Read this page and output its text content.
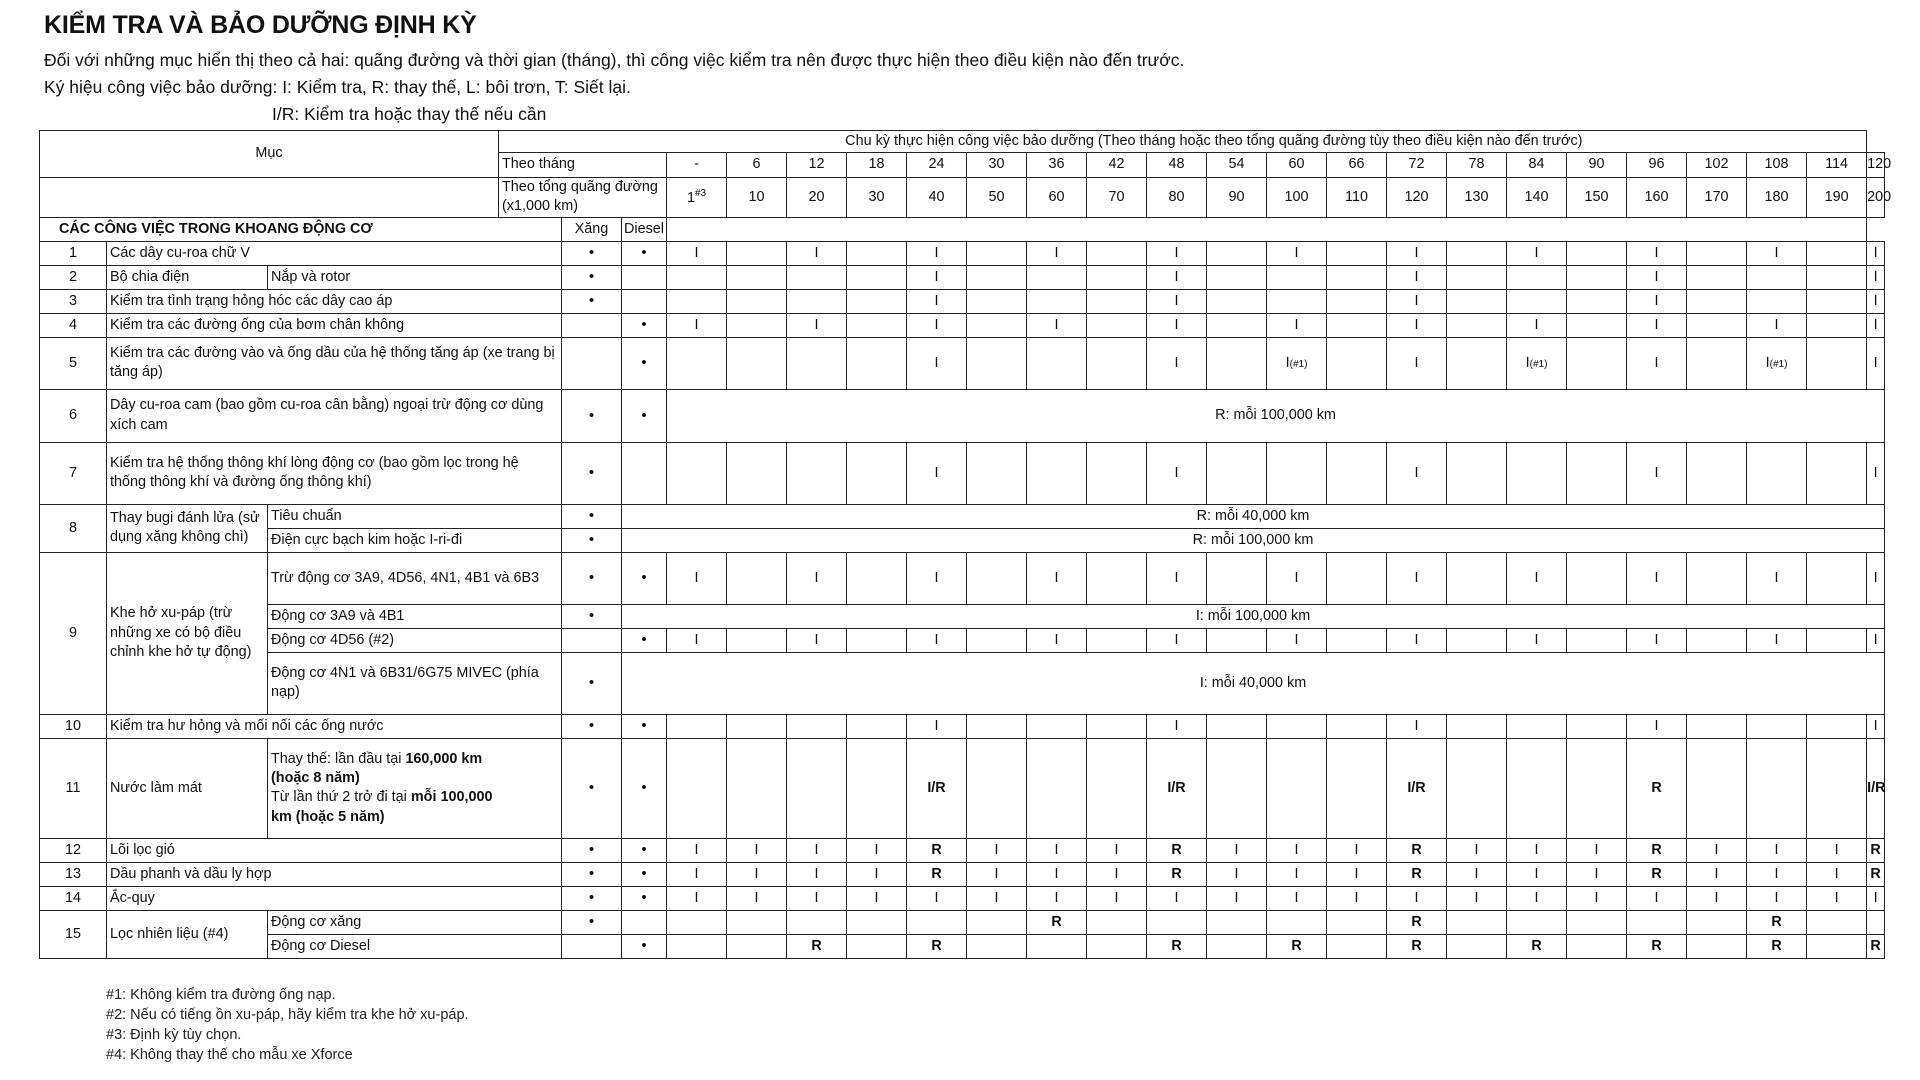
KIỂM TRA VÀ BẢO DƯỠNG ĐỊNH KỲ
Đối với những mục hiển thị theo cả hai: quãng đường và thời gian (tháng), thì công việc kiểm tra nên được thực hiện theo điều kiện nào đến trước.
Ký hiệu công việc bảo dưỡng: I: Kiểm tra, R: thay thế, L: bôi trơn, T: Siết lại.
I/R: Kiểm tra hoặc thay thế nếu cần
Mục				Chu kỳ thực hiện công việc bảo dưỡng (Theo tháng hoặc theo tổng quãng đường tùy theo điều kiện nào đến trước)																						
			Theo tháng			-	6	12	18	24	30	36	42	48	54	60	66	72	78	84	90	96	102	108	114	120
			Theo tổng quãng đường (x1,000 km)			1$^{\#3}$	10	20	30	40	50	60	70	80	90	100	110	120	130	140	150	160	170	180	190	200
CÁC CÔNG VIỆC TRONG KHOANG ĐỘNG CƠ				Xăng	Diesel																					
1	Các dây cu-roa chữ V			•	•	I		I		I		I		I		I		I		I		I		I		I
2	Bộ chia điện	Nắp và rotor		•						I				I				I				I				I
3	Kiểm tra tình trạng hỏng hóc các dây cao áp			•						I				I				I				I				I
4	Kiểm tra các đường ống của bơm chân không				•	I		I		I		I		I		I		I		I		I		I		I
5	Kiểm tra các đường vào và ống dầu của hệ thống tăng áp (xe trang bị tăng áp)				•					I				I		I(#1)		I		I(#1)		I		I(#1)		I
6	Dây cu-roa cam (bao gồm cu-roa cân bằng) ngoại trừ động cơ dùng xích cam			•	•	R: mỗi 100,000 km																				
7	Kiểm tra hệ thống thông khí lòng động cơ (bao gồm lọc trong hệ thống thông khí và đường ống thông khí)			•						I				I				I				I				I
8	Thay bugi đánh lửa (sử dụng xăng không chì)	Tiêu chuẩn		•	R: mỗi 40,000 km																					
		Điện cực bạch kim hoặc I-ri-đi		•	R: mỗi 100,000 km																					
9	Khe hở xu-páp (trừ những xe có bộ điều chỉnh khe hở tự động)	Trừ động cơ 3A9, 4D56, 4N1, 4B1 và 6B3		•	•	I		I		I		I		I		I		I		I		I		I		I
		Động cơ 3A9 và 4B1		•	I: mỗi 100,000 km																					
		Động cơ 4D56 (#2)			•	I		I		I		I		I		I		I		I		I		I		I
		Động cơ 4N1 và 6B31/6G75 MIVEC (phía nạp)		•	I: mỗi 40,000 km																					
10	Kiểm tra hư hỏng và mối nối các ống nước			•	•					I				I				I				I				I
11	Nước làm mát	Thay thế: lần đầu tại 160,000 km
(hoặc 8 năm)
Từ lần thứ 2 trở đi tại mỗi 100,000
km (hoặc 5 năm)		•	•					I/R				I/R				I/R				R				I/R
12	Lõi lọc gió			•	•	I	I	I	I	R	I	I	I	R	I	I	I	R	I	I	I	R	I	I	I	R
13	Dầu phanh và dầu ly hợp			•	•	I	I	I	I	R	I	I	I	R	I	I	I	R	I	I	I	R	I	I	I	R
14	Ắc-quy			•	•	I	I	I	I	I	I	I	I	I	I	I	I	I	I	I	I	I	I	I	I	I
15	Lọc nhiên liệu (#4)	Động cơ xăng		•								R						R						R		
		Động cơ Diesel			•			R		R				R		R		R		R		R		R		R
#1: Không kiểm tra đường ống nạp.
#2: Nếu có tiếng ồn xu-páp, hãy kiểm tra khe hở xu-páp.
#3: Định kỳ tùy chọn.
#4: Không thay thế cho mẫu xe Xforce
